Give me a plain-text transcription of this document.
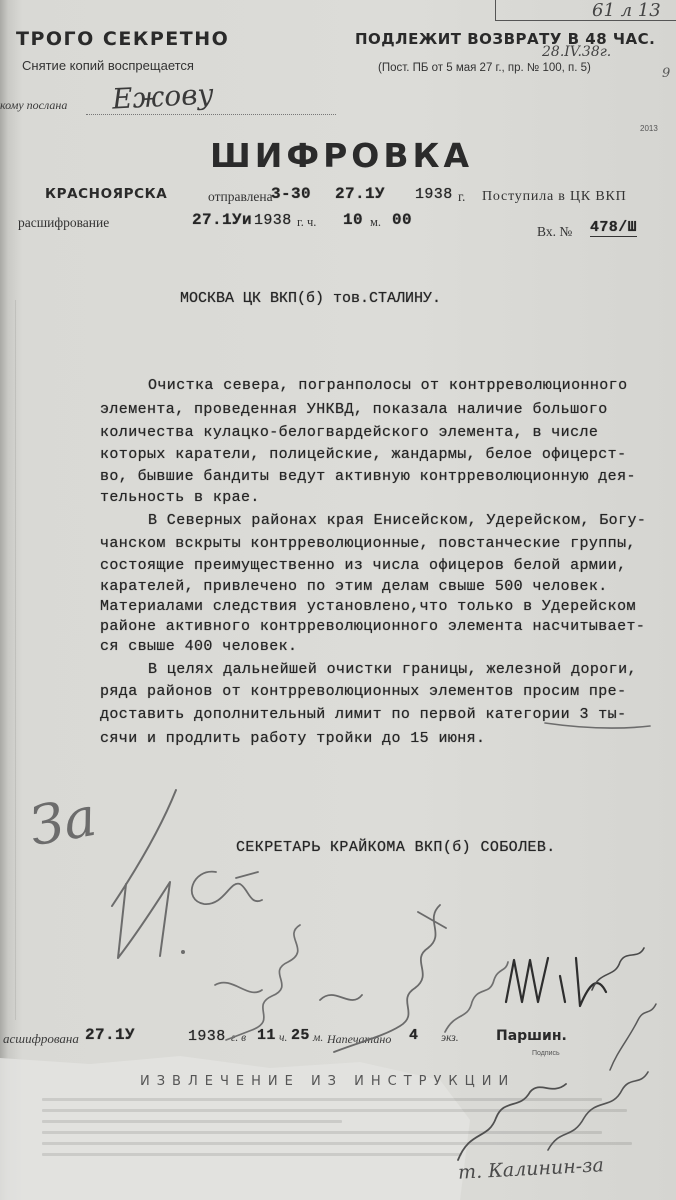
ТРОГО СЕКРЕТНО
Снятие копий воспрещается
ПОДЛЕЖИТ ВОЗВРАТУ В 48 ЧАС.
(Пост. ПБ от 5 мая 27 г., пр. № 100, п. 5)
61 л 13
28.IV.38г.
9
кому послана Ежову
2013
ШИФРОВКА
КРАСНОЯРСКА	отправлена
3-30 27.1У 1938 г. Поступила в ЦК ВКП
расшифрование	27.1Уи 1938 г. ч. 10 м. 00
Вх. № 478/Ш
МОСКВА ЦК ВКП(б) тов.СТАЛИНУ.
Очистка севера, погранполосы от контрреволюционного
элемента, проведенная УНКВД, показала наличие большого
количества кулацко-белогвардейского элемента, в числе
которых каратели, полицейские, жандармы, белое офицерст-
во, бывшие бандиты ведут активную контрреволюционную дея-
тельность в крае.
В Северных районах края Енисейском, Удерейском, Богу-
чанском вскрыты контрреволюционные, повстанческие группы,
состоящие преимущественно из числа офицеров белой армии,
карателей, привлечено по этим делам свыше 500 человек.
Материалами следствия установлено,что только в Удерейском
районе активного контрреволюционного элемента насчитывает-
ся свыше 400 человек.
В целях дальнейшей очистки границы, железной дороги,
ряда районов от контрреволюционных элементов просим пре-
доставить дополнительный лимит по первой категории 3 ты-
сячи и продлить работу тройки до 15 июня.
СЕКРЕТАРЬ КРАЙКОМА ВКП(б) СОБОЛЕВ.
асшифрована 27.1У	1938 г. в 11 ч. 25 м. Напечатано 4 экз.	Паршин.
Подпись
ИЗВЛЕЧЕНИЕ ИЗ ИНСТРУКЦИИ
За
т. Калинин-за
